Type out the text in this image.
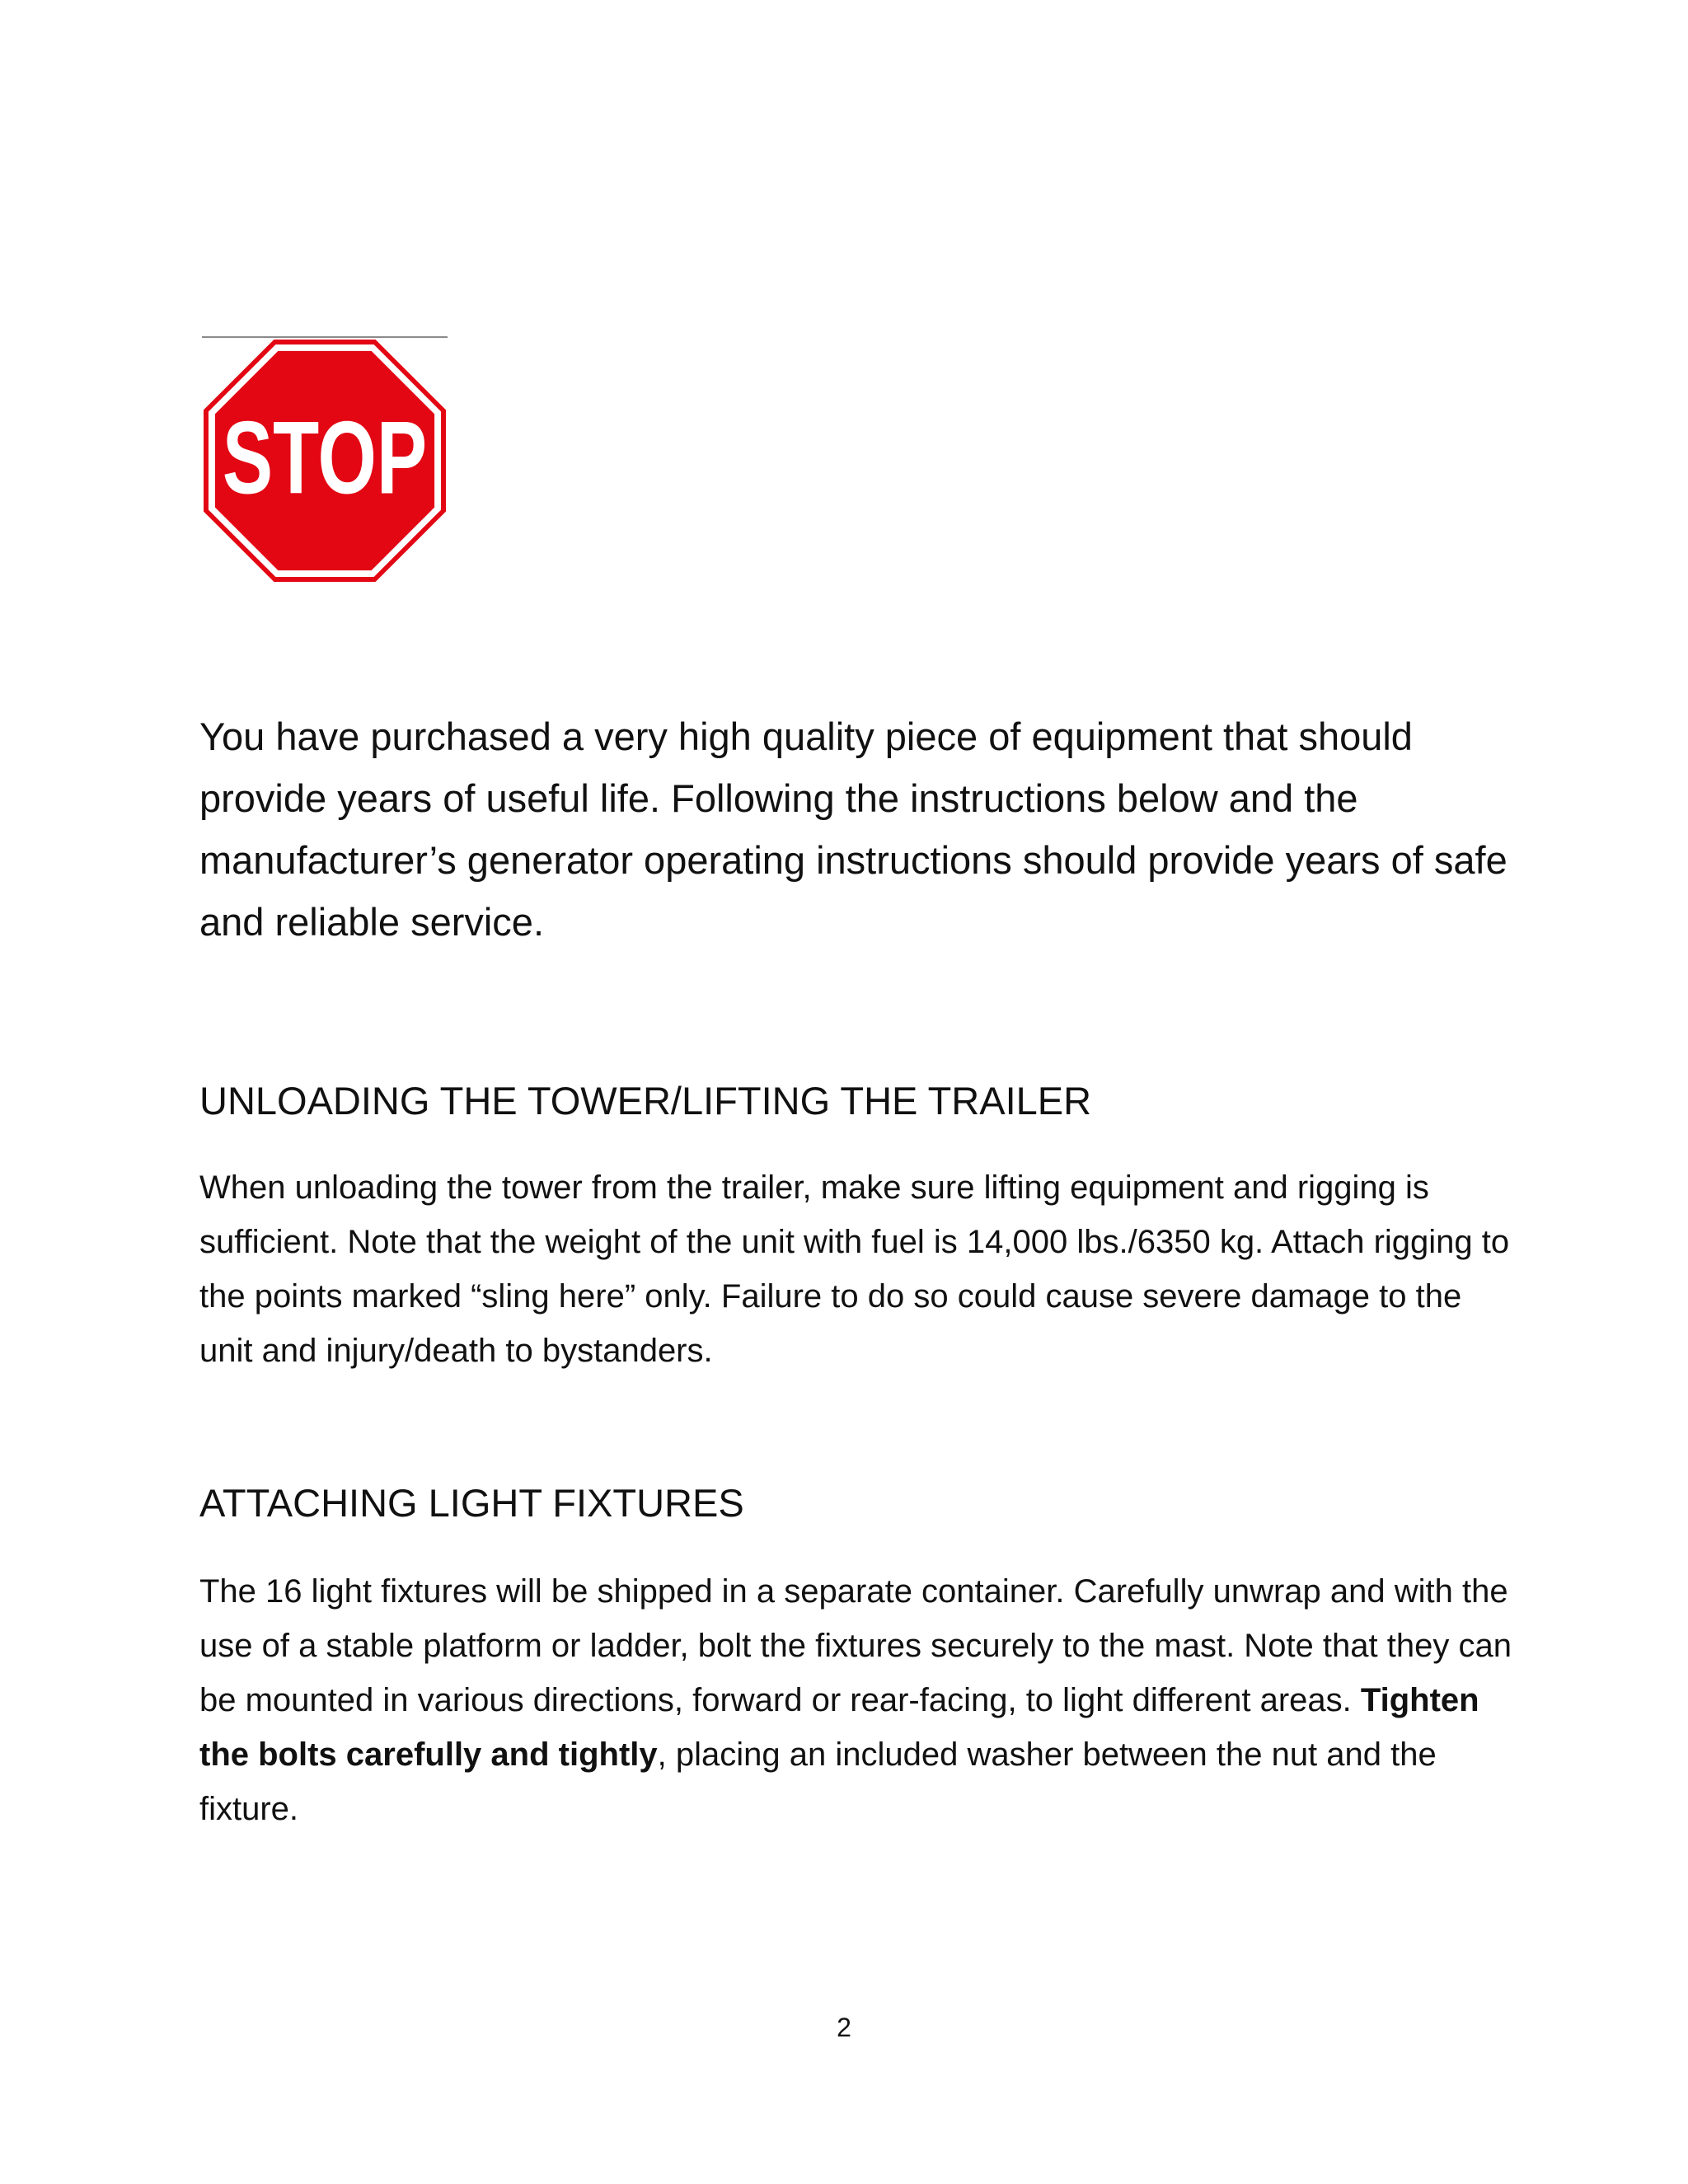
STOP
You have purchased a very high quality piece of equipment that should provide years of useful life. Following the instructions below and the manufacturer’s generator operating instructions should provide years of safe and reliable service.
UNLOADING THE TOWER/LIFTING THE TRAILER
When unloading the tower from the trailer, make sure lifting equipment and rigging is sufficient. Note that the weight of the unit with fuel is 14,000 lbs./6350 kg. Attach rigging to the points marked “sling here” only. Failure to do so could cause severe damage to the unit and injury/death to bystanders.
ATTACHING LIGHT FIXTURES
The 16 light fixtures will be shipped in a separate container. Carefully unwrap and with the use of a stable platform or ladder, bolt the fixtures securely to the mast. Note that they can be mounted in various directions, forward or rear-facing, to light different areas. Tighten the bolts carefully and tightly, placing an included washer between the nut and the fixture.
2
